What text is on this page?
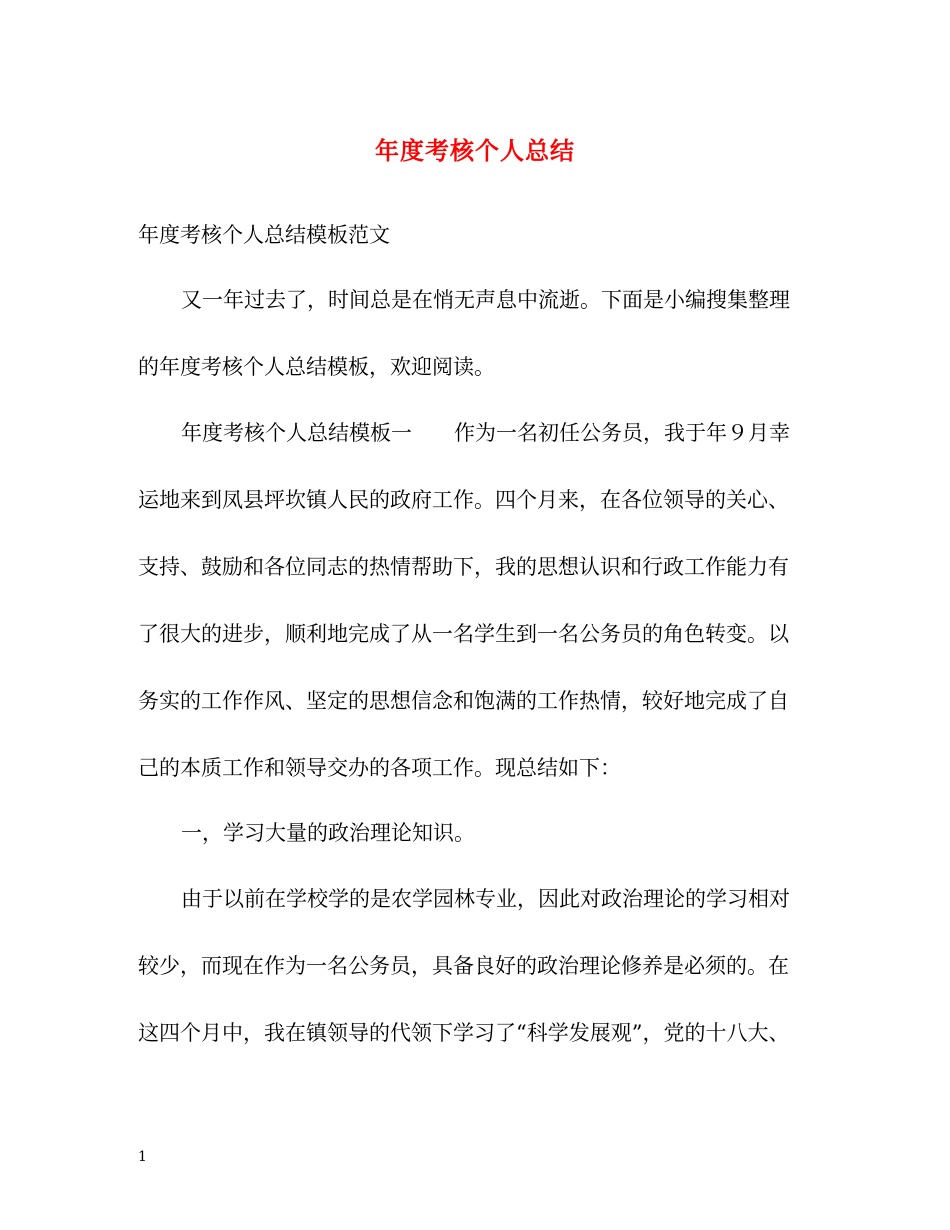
年度考核个人总结
年度考核个人总结模板范文
又一年过去了，时间总是在悄无声息中流逝。下面是小编搜集整理
的年度考核个人总结模板，欢迎阅读。
年度考核个人总结模板一　　作为一名初任公务员，我于年９月幸
运地来到凤县坪坎镇人民的政府工作。四个月来，在各位领导的关心、
支持、鼓励和各位同志的热情帮助下，我的思想认识和行政工作能力有
了很大的进步，顺利地完成了从一名学生到一名公务员的角色转变。以
务实的工作作风、坚定的思想信念和饱满的工作热情，较好地完成了自
己的本质工作和领导交办的各项工作。现总结如下：
一，学习大量的政治理论知识。
由于以前在学校学的是农学园林专业，因此对政治理论的学习相对
较少，而现在作为一名公务员，具备良好的政治理论修养是必须的。在
这四个月中，我在镇领导的代领下学习了“科学发展观”，党的十八大、
1
